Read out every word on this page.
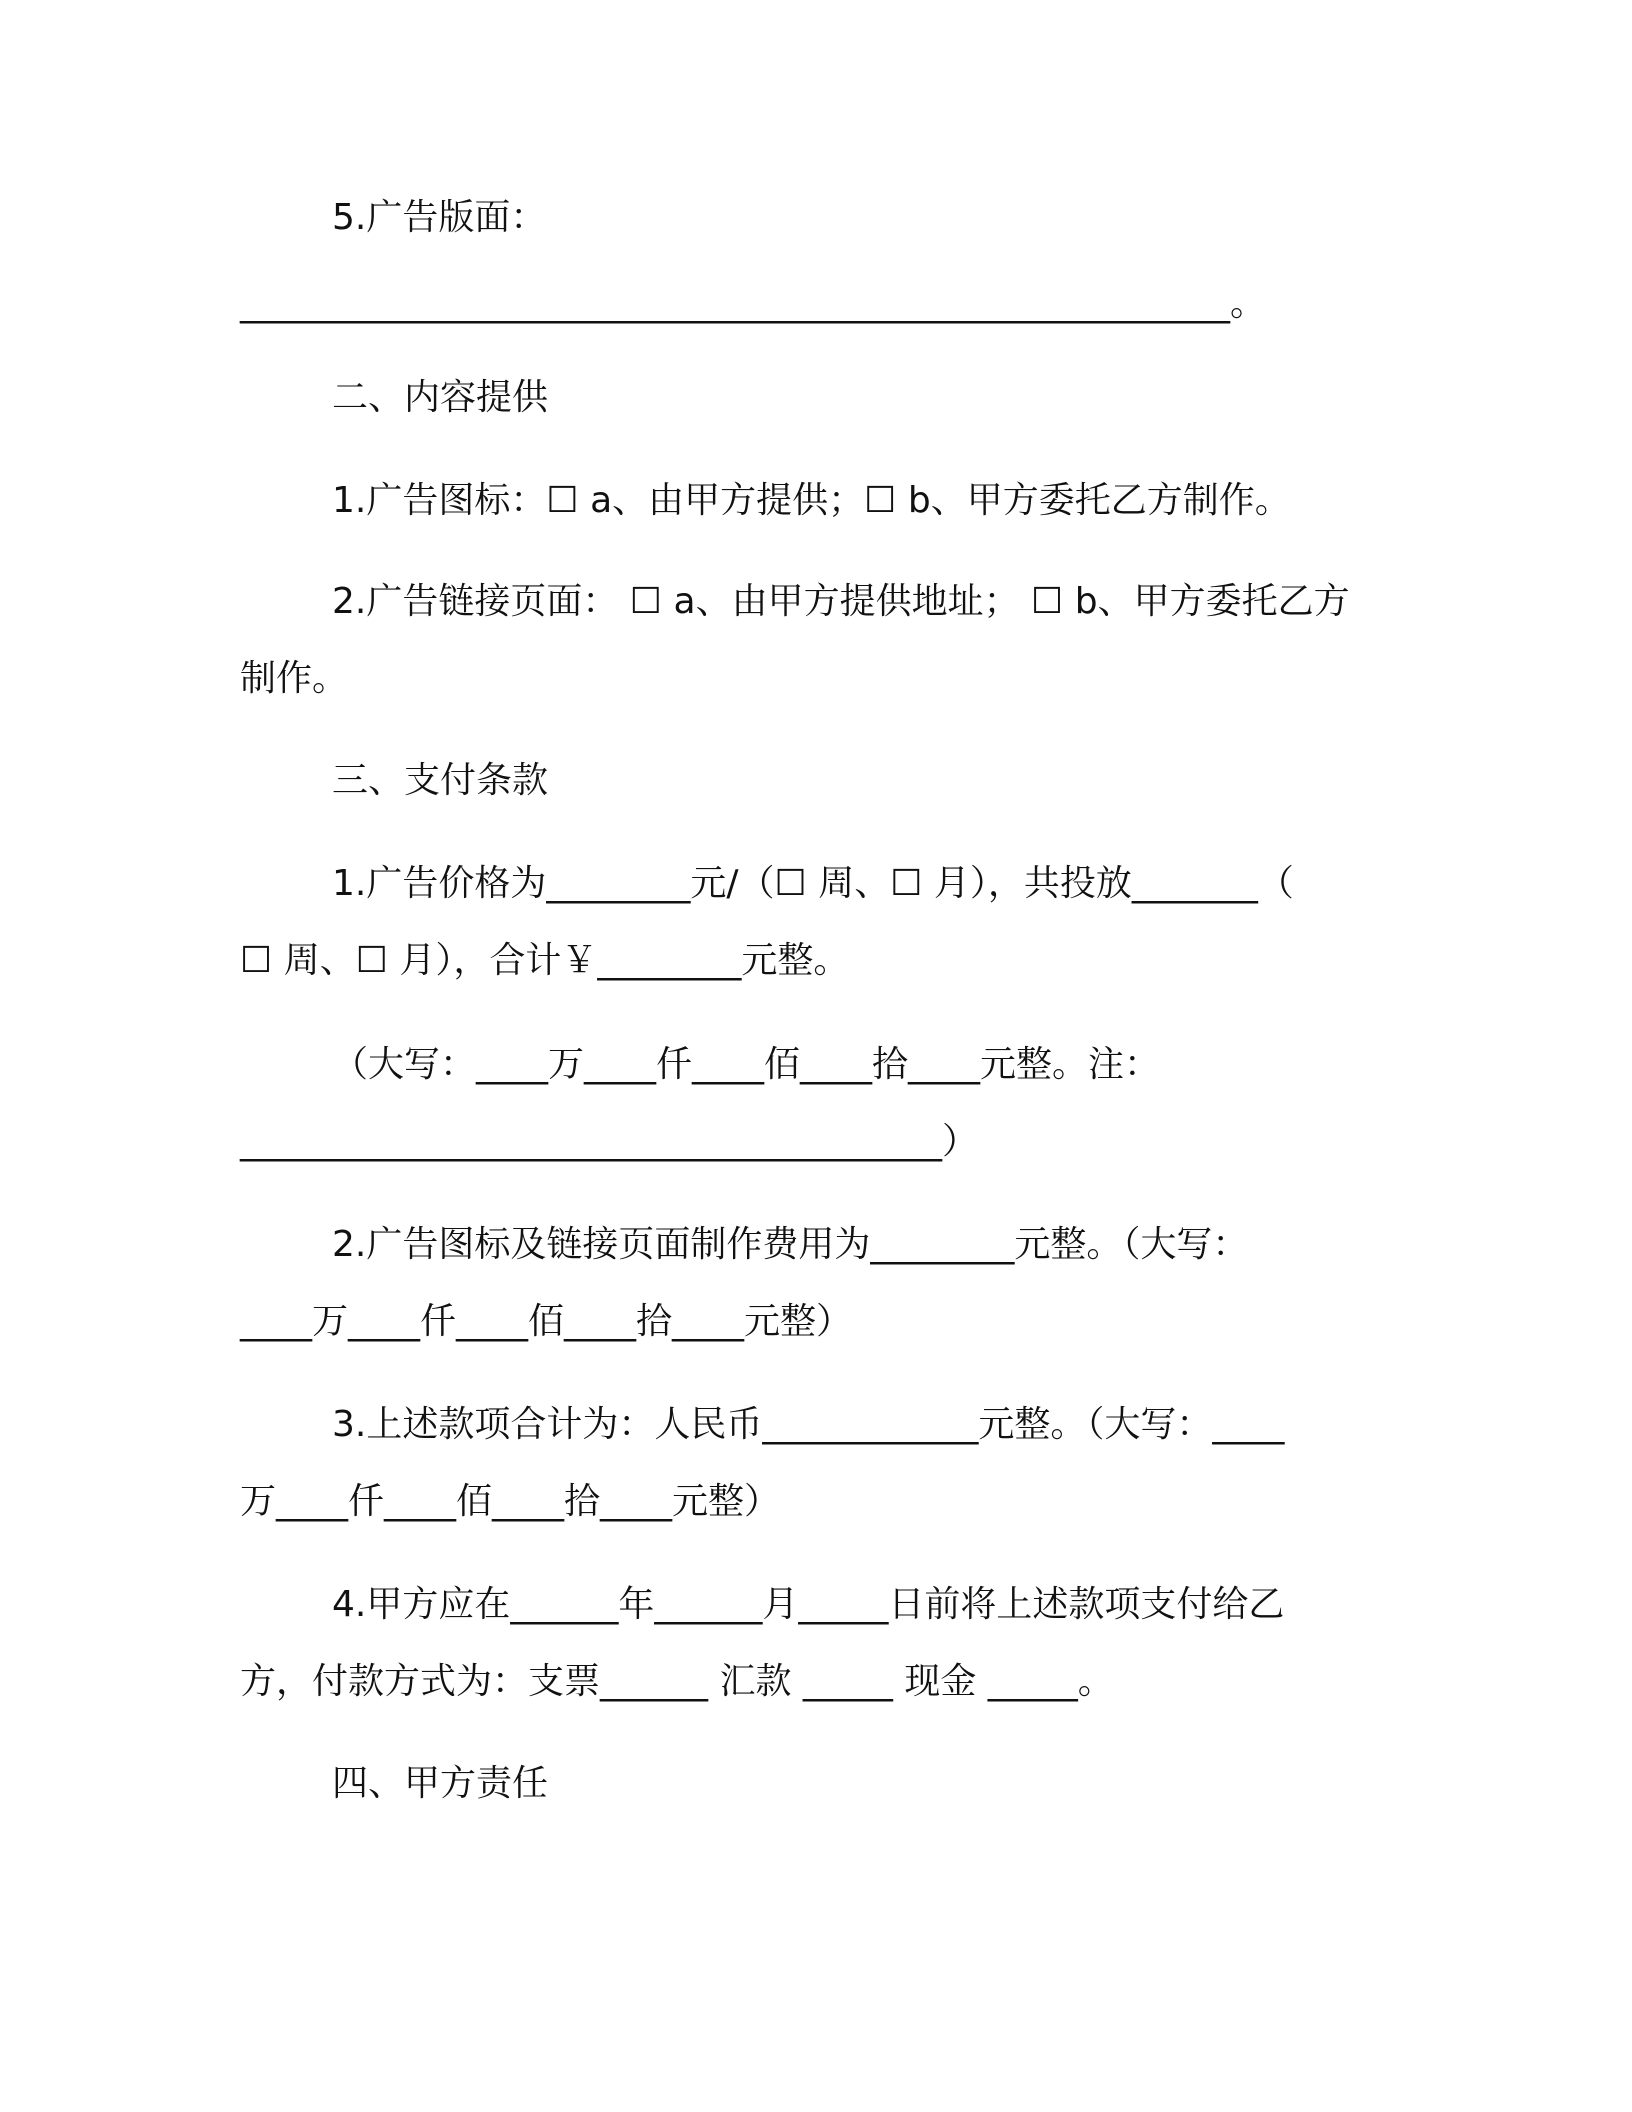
5.广告版面：
_______________________________________________________。
二、内容提供
1.广告图标：☐ a、由甲方提供；☐ b、甲方委托乙方制作。
2.广告链接页面： ☐ a、由甲方提供地址； ☐ b、甲方委托乙方
制作。
三、支付条款
1.广告价格为________元/（☐ 周、☐ 月），共投放_______（
☐ 周、☐ 月），合计￥________元整。
（大写：____万____仟____佰____拾____元整。注：
_______________________________________）
2.广告图标及链接页面制作费用为________元整。（大写：
____万____仟____佰____拾____元整）
3.上述款项合计为：人民币____________元整。（大写：____
万____仟____佰____拾____元整）
4.甲方应在______年______月_____日前将上述款项支付给乙
方，付款方式为：支票______ 汇款 _____ 现金 _____。
四、甲方责任
